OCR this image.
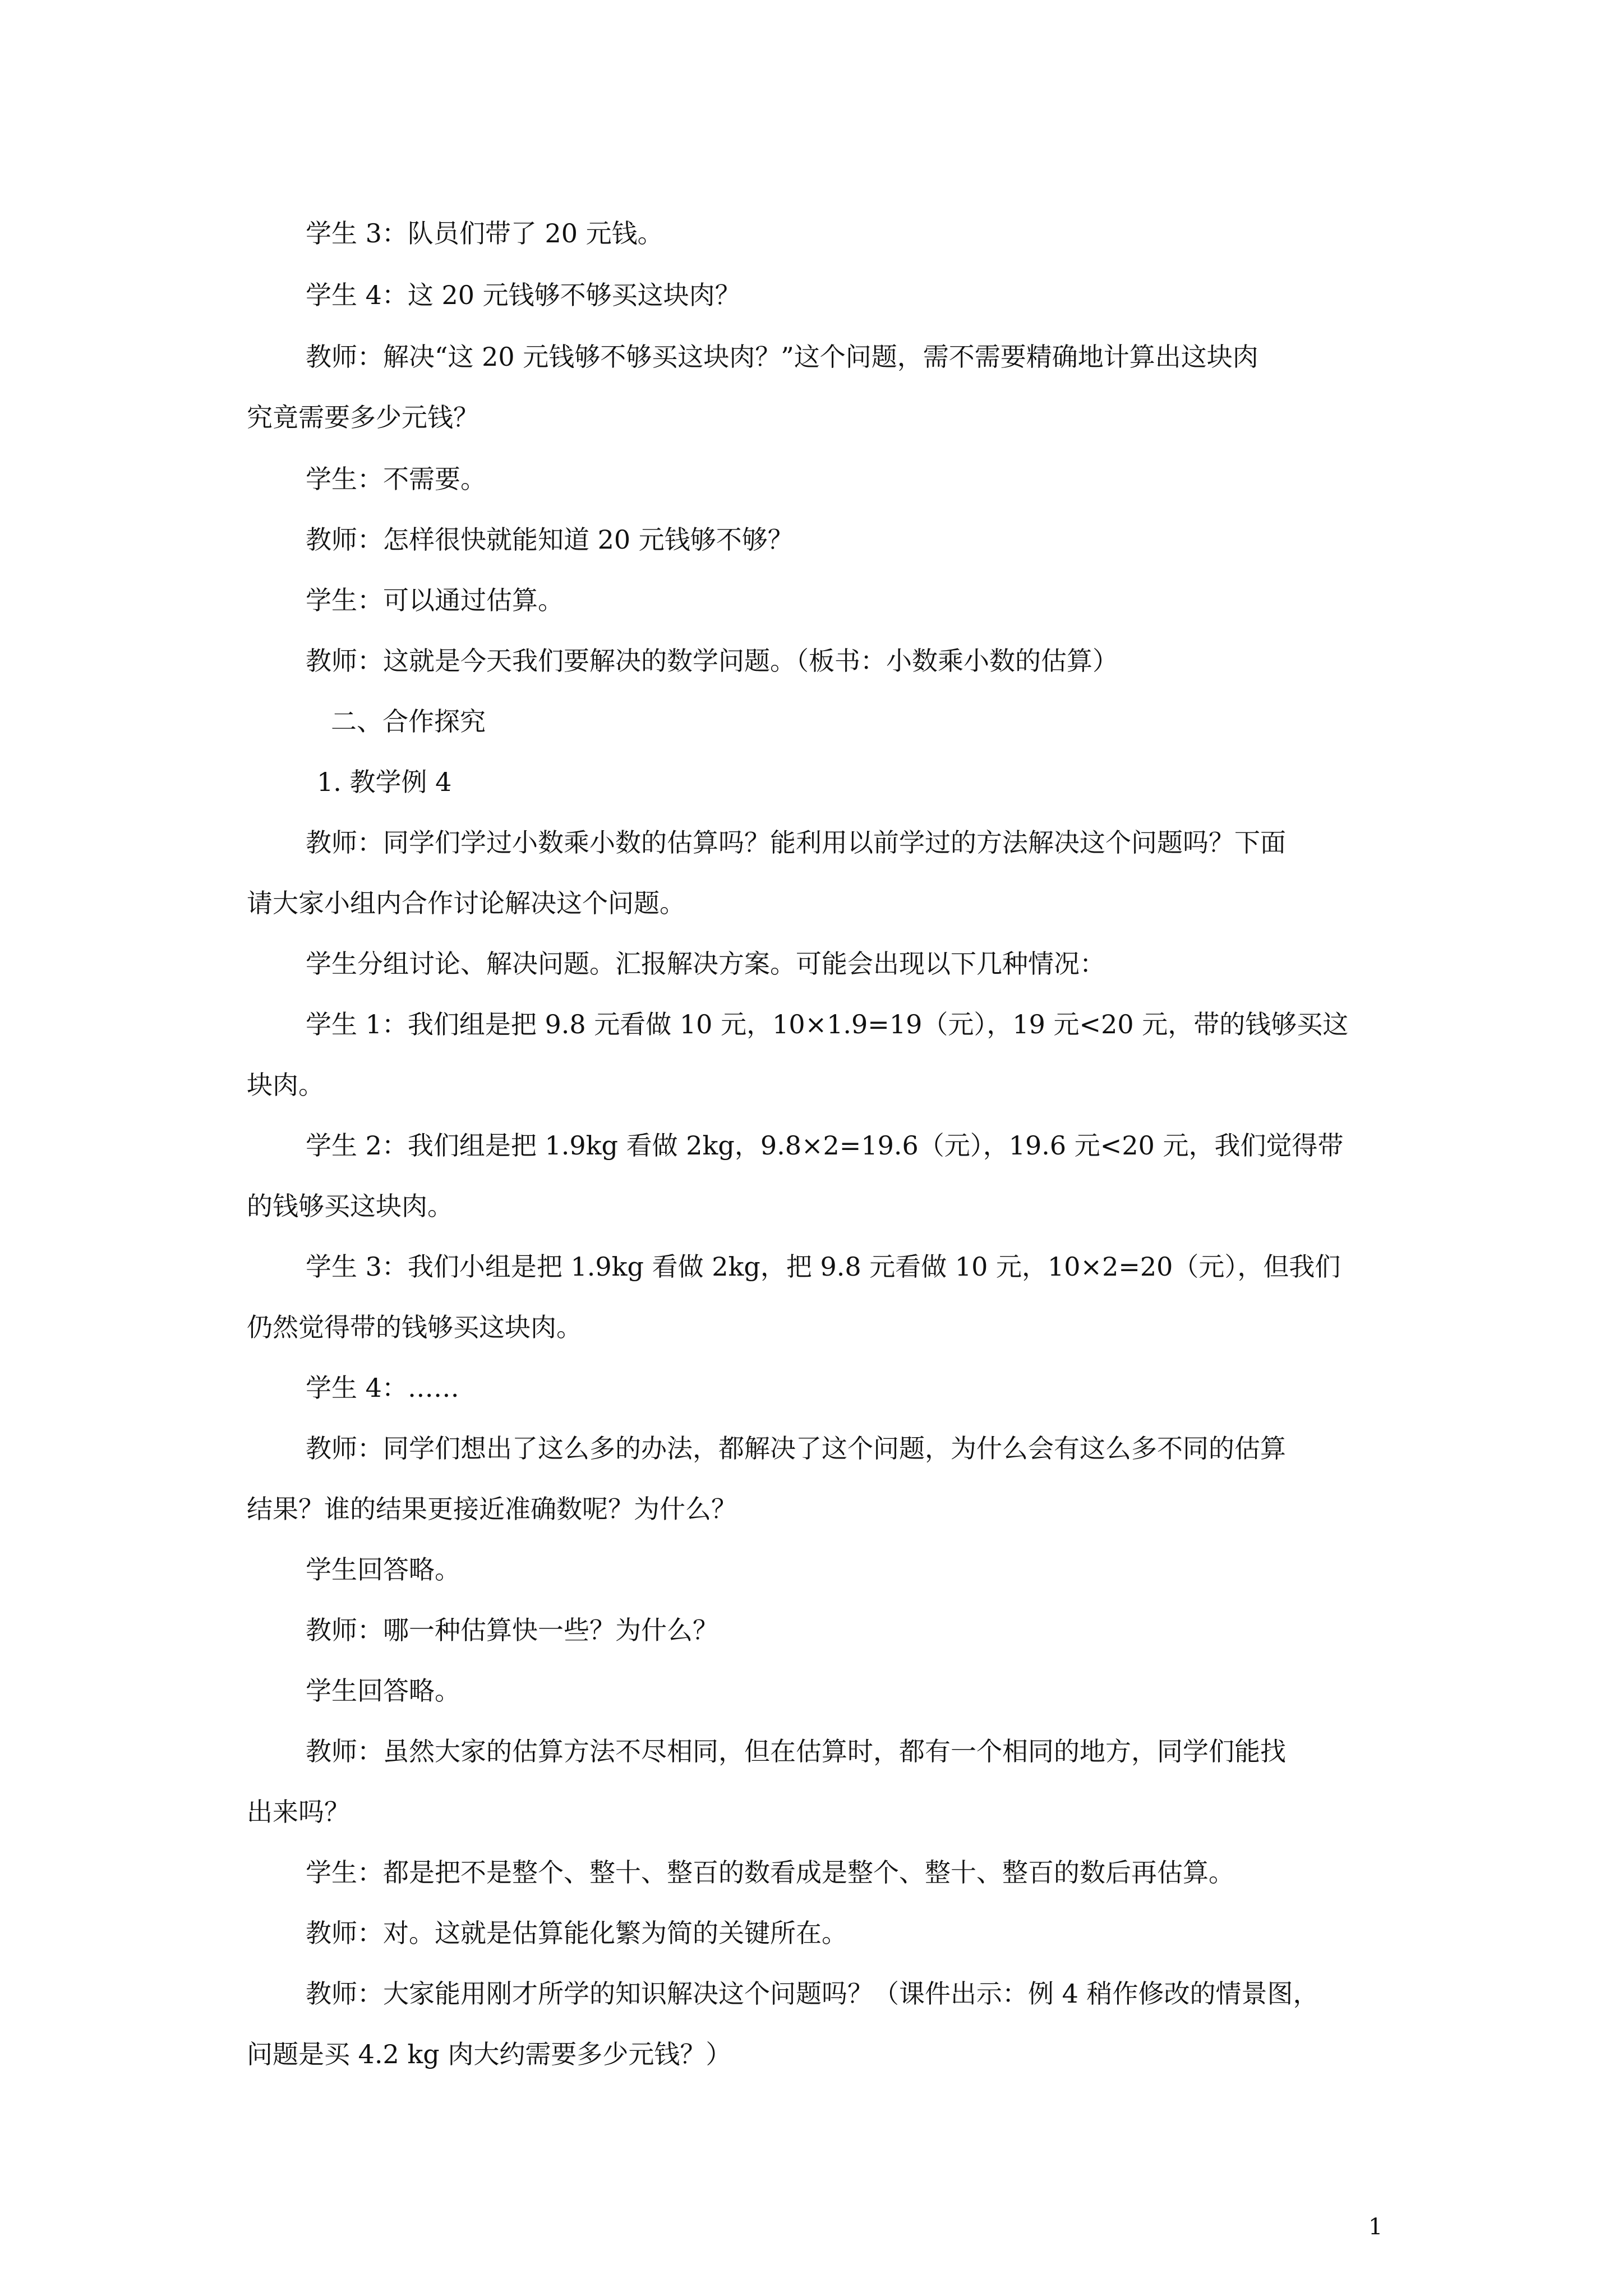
学生 3：队员们带了 20 元钱。
学生 4：这 20 元钱够不够买这块肉？
教师：解决“这 20 元钱够不够买这块肉？”这个问题，需不需要精确地计算出这块肉
究竟需要多少元钱？
学生：不需要。
教师：怎样很快就能知道 20 元钱够不够？
学生：可以通过估算。
教师：这就是今天我们要解决的数学问题。（板书：小数乘小数的估算）
二、合作探究
1. 教学例 4
教师：同学们学过小数乘小数的估算吗？能利用以前学过的方法解决这个问题吗？下面
请大家小组内合作讨论解决这个问题。
学生分组讨论、解决问题。汇报解决方案。可能会出现以下几种情况：
学生 1：我们组是把 9.8 元看做 10 元，10×1.9=19（元），19 元<20 元，带的钱够买这
块肉。
学生 2：我们组是把 1.9kg 看做 2kg，9.8×2=19.6（元），19.6 元<20 元，我们觉得带
的钱够买这块肉。
学生 3：我们小组是把 1.9kg 看做 2kg，把 9.8 元看做 10 元，10×2=20（元），但我们
仍然觉得带的钱够买这块肉。
学生 4：……
教师：同学们想出了这么多的办法，都解决了这个问题，为什么会有这么多不同的估算
结果？谁的结果更接近准确数呢？为什么？
学生回答略。
教师：哪一种估算快一些？为什么？
学生回答略。
教师：虽然大家的估算方法不尽相同，但在估算时，都有一个相同的地方，同学们能找
出来吗？
学生：都是把不是整个、整十、整百的数看成是整个、整十、整百的数后再估算。
教师：对。这就是估算能化繁为简的关键所在。
教师：大家能用刚才所学的知识解决这个问题吗？（课件出示：例 4 稍作修改的情景图，
问题是买 4.2 kg 肉大约需要多少元钱？）
1
